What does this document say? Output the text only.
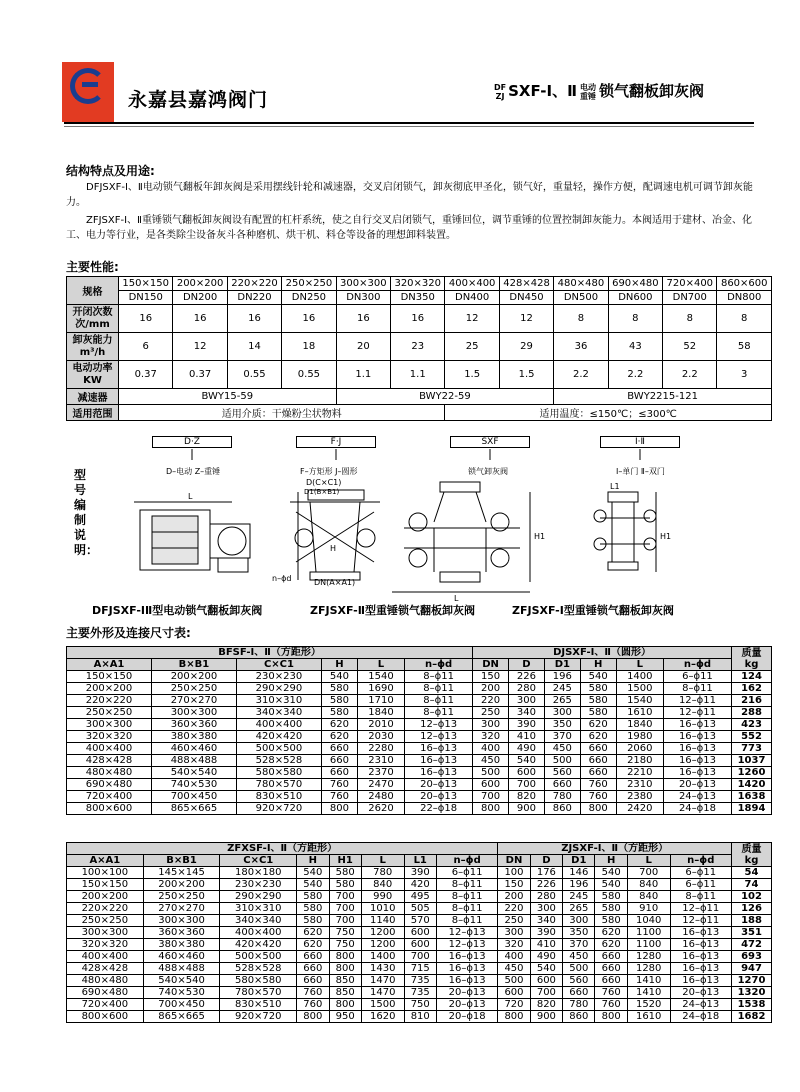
永嘉县嘉鸿阀门
DF
ZJ SXF-Ⅰ、Ⅱ 电动
重锤 锁气翻板卸灰阀
结构特点及用途:
DFJSXF-Ⅰ、Ⅱ电动锁气翻板年卸灰阀是采用摆线针轮和减速器，交叉启闭锁气，卸灰彻底甲圣化，锁气好，重量轻，操作方便，配调速电机可调节卸灰能力。
ZFJSXF-Ⅰ、Ⅱ重锤锁气翻板卸灰阀设有配置的杠杆系统，使之自行交叉启闭锁气，重锤回位，调节重锤的位置控制卸灰能力。本阀适用于建材、冶金、化工、电力等行业，是各类除尘设备灰斗各种磨机、烘干机、料仓等设备的理想卸料装置。
主要性能:
规格	150×150	200×200	220×220	250×250	300×300	320×320	400×400	428×428	480×480	690×480	720×400	860×600
	DN150	DN200	DN220	DN250	DN300	DN350	DN400	DN450	DN500	DN600	DN700	DN800
开闭次数
次/mm	16	16	16	16	16	16	12	12	8	8	8	8
卸灰能力
m³/h	6	12	14	18	20	23	25	29	36	43	52	58
电动功率
KW	0.37	0.37	0.55	0.55	1.1	1.1	1.5	1.5	2.2	2.2	2.2	3
减速器	BWY15-59				BWY22-59				BWY2215-121			
适用范围	适用介质：干燥粉尘状物料						适用温度：≤150℃；≤300℃					
型号编制说明：
D·Z	F·J	SXF	Ⅰ·Ⅱ
D–电动 Z–重锤	F–方矩形 J–圆形	锁气卸灰阀	Ⅰ–单门 Ⅱ–双门
L
H
D(C×C1)
D1(B×B1)
DN(A×A1)
n–ϕd
L
H1
L1
H1
DFJSXF-ⅠⅡ型电动锁气翻板卸灰阀	ZFJSXF-Ⅱ型重锤锁气翻板卸灰阀	ZFJSXF-Ⅰ型重锤锁气翻板卸灰阀
主要外形及连接尺寸表:
BFSF-Ⅰ、Ⅱ（方距形）						DJSXF-Ⅰ、Ⅱ（圆形）						质量
kg
A×A1	B×B1	C×C1	H	L	n–ϕd	DN	D	D1	H	L	n–ϕd	
150×150	200×200	230×230	540	1540	8–ϕ11	150	226	196	540	1400	6–ϕ11	124
200×200	250×250	290×290	580	1690	8–ϕ11	200	280	245	580	1500	8–ϕ11	162
220×220	270×270	310×310	580	1710	8–ϕ11	220	300	265	580	1540	12–ϕ11	216
250×250	300×300	340×340	580	1840	8–ϕ11	250	340	300	580	1610	12–ϕ11	288
300×300	360×360	400×400	620	2010	12–ϕ13	300	390	350	620	1840	16–ϕ13	423
320×320	380×380	420×420	620	2030	12–ϕ13	320	410	370	620	1980	16–ϕ13	552
400×400	460×460	500×500	660	2280	16–ϕ13	400	490	450	660	2060	16–ϕ13	773
428×428	488×488	528×528	660	2310	16–ϕ13	450	540	500	660	2180	16–ϕ13	1037
480×480	540×540	580×580	660	2370	16–ϕ13	500	600	560	660	2210	16–ϕ13	1260
690×480	740×530	780×570	760	2470	20–ϕ13	600	700	660	760	2310	20–ϕ13	1420
720×400	700×450	830×510	760	2480	20–ϕ13	700	820	780	760	2380	24–ϕ13	1638
800×600	865×665	920×720	800	2620	22–ϕ18	800	900	860	800	2420	24–ϕ18	1894
ZFXSF-Ⅰ、Ⅱ（方距形）								ZJSXF-Ⅰ、Ⅱ（方距形）						质量
kg
A×A1	B×B1	C×C1	H	H1	L	L1	n–ϕd	DN	D	D1	H	L	n–ϕd	
100×100	145×145	180×180	540	580	780	390	6–ϕ11	100	176	146	540	700	6–ϕ11	54
150×150	200×200	230×230	540	580	840	420	8–ϕ11	150	226	196	540	840	6–ϕ11	74
200×200	250×250	290×290	580	700	990	495	8–ϕ11	200	280	245	580	840	8–ϕ11	102
220×220	270×270	310×310	580	700	1010	505	8–ϕ11	220	300	265	580	910	12–ϕ11	126
250×250	300×300	340×340	580	700	1140	570	8–ϕ11	250	340	300	580	1040	12–ϕ11	188
300×300	360×360	400×400	620	750	1200	600	12–ϕ13	300	390	350	620	1100	16–ϕ13	351
320×320	380×380	420×420	620	750	1200	600	12–ϕ13	320	410	370	620	1100	16–ϕ13	472
400×400	460×460	500×500	660	800	1400	700	16–ϕ13	400	490	450	660	1280	16–ϕ13	693
428×428	488×488	528×528	660	800	1430	715	16–ϕ13	450	540	500	660	1280	16–ϕ13	947
480×480	540×540	580×580	660	850	1470	735	16–ϕ13	500	600	560	660	1410	16–ϕ13	1270
690×480	740×530	780×570	760	850	1470	735	20–ϕ13	600	700	660	760	1410	20–ϕ13	1320
720×400	700×450	830×510	760	800	1500	750	20–ϕ13	720	820	780	760	1520	24–ϕ13	1538
800×600	865×665	920×720	800	950	1620	810	20–ϕ18	800	900	860	800	1610	24–ϕ18	1682
